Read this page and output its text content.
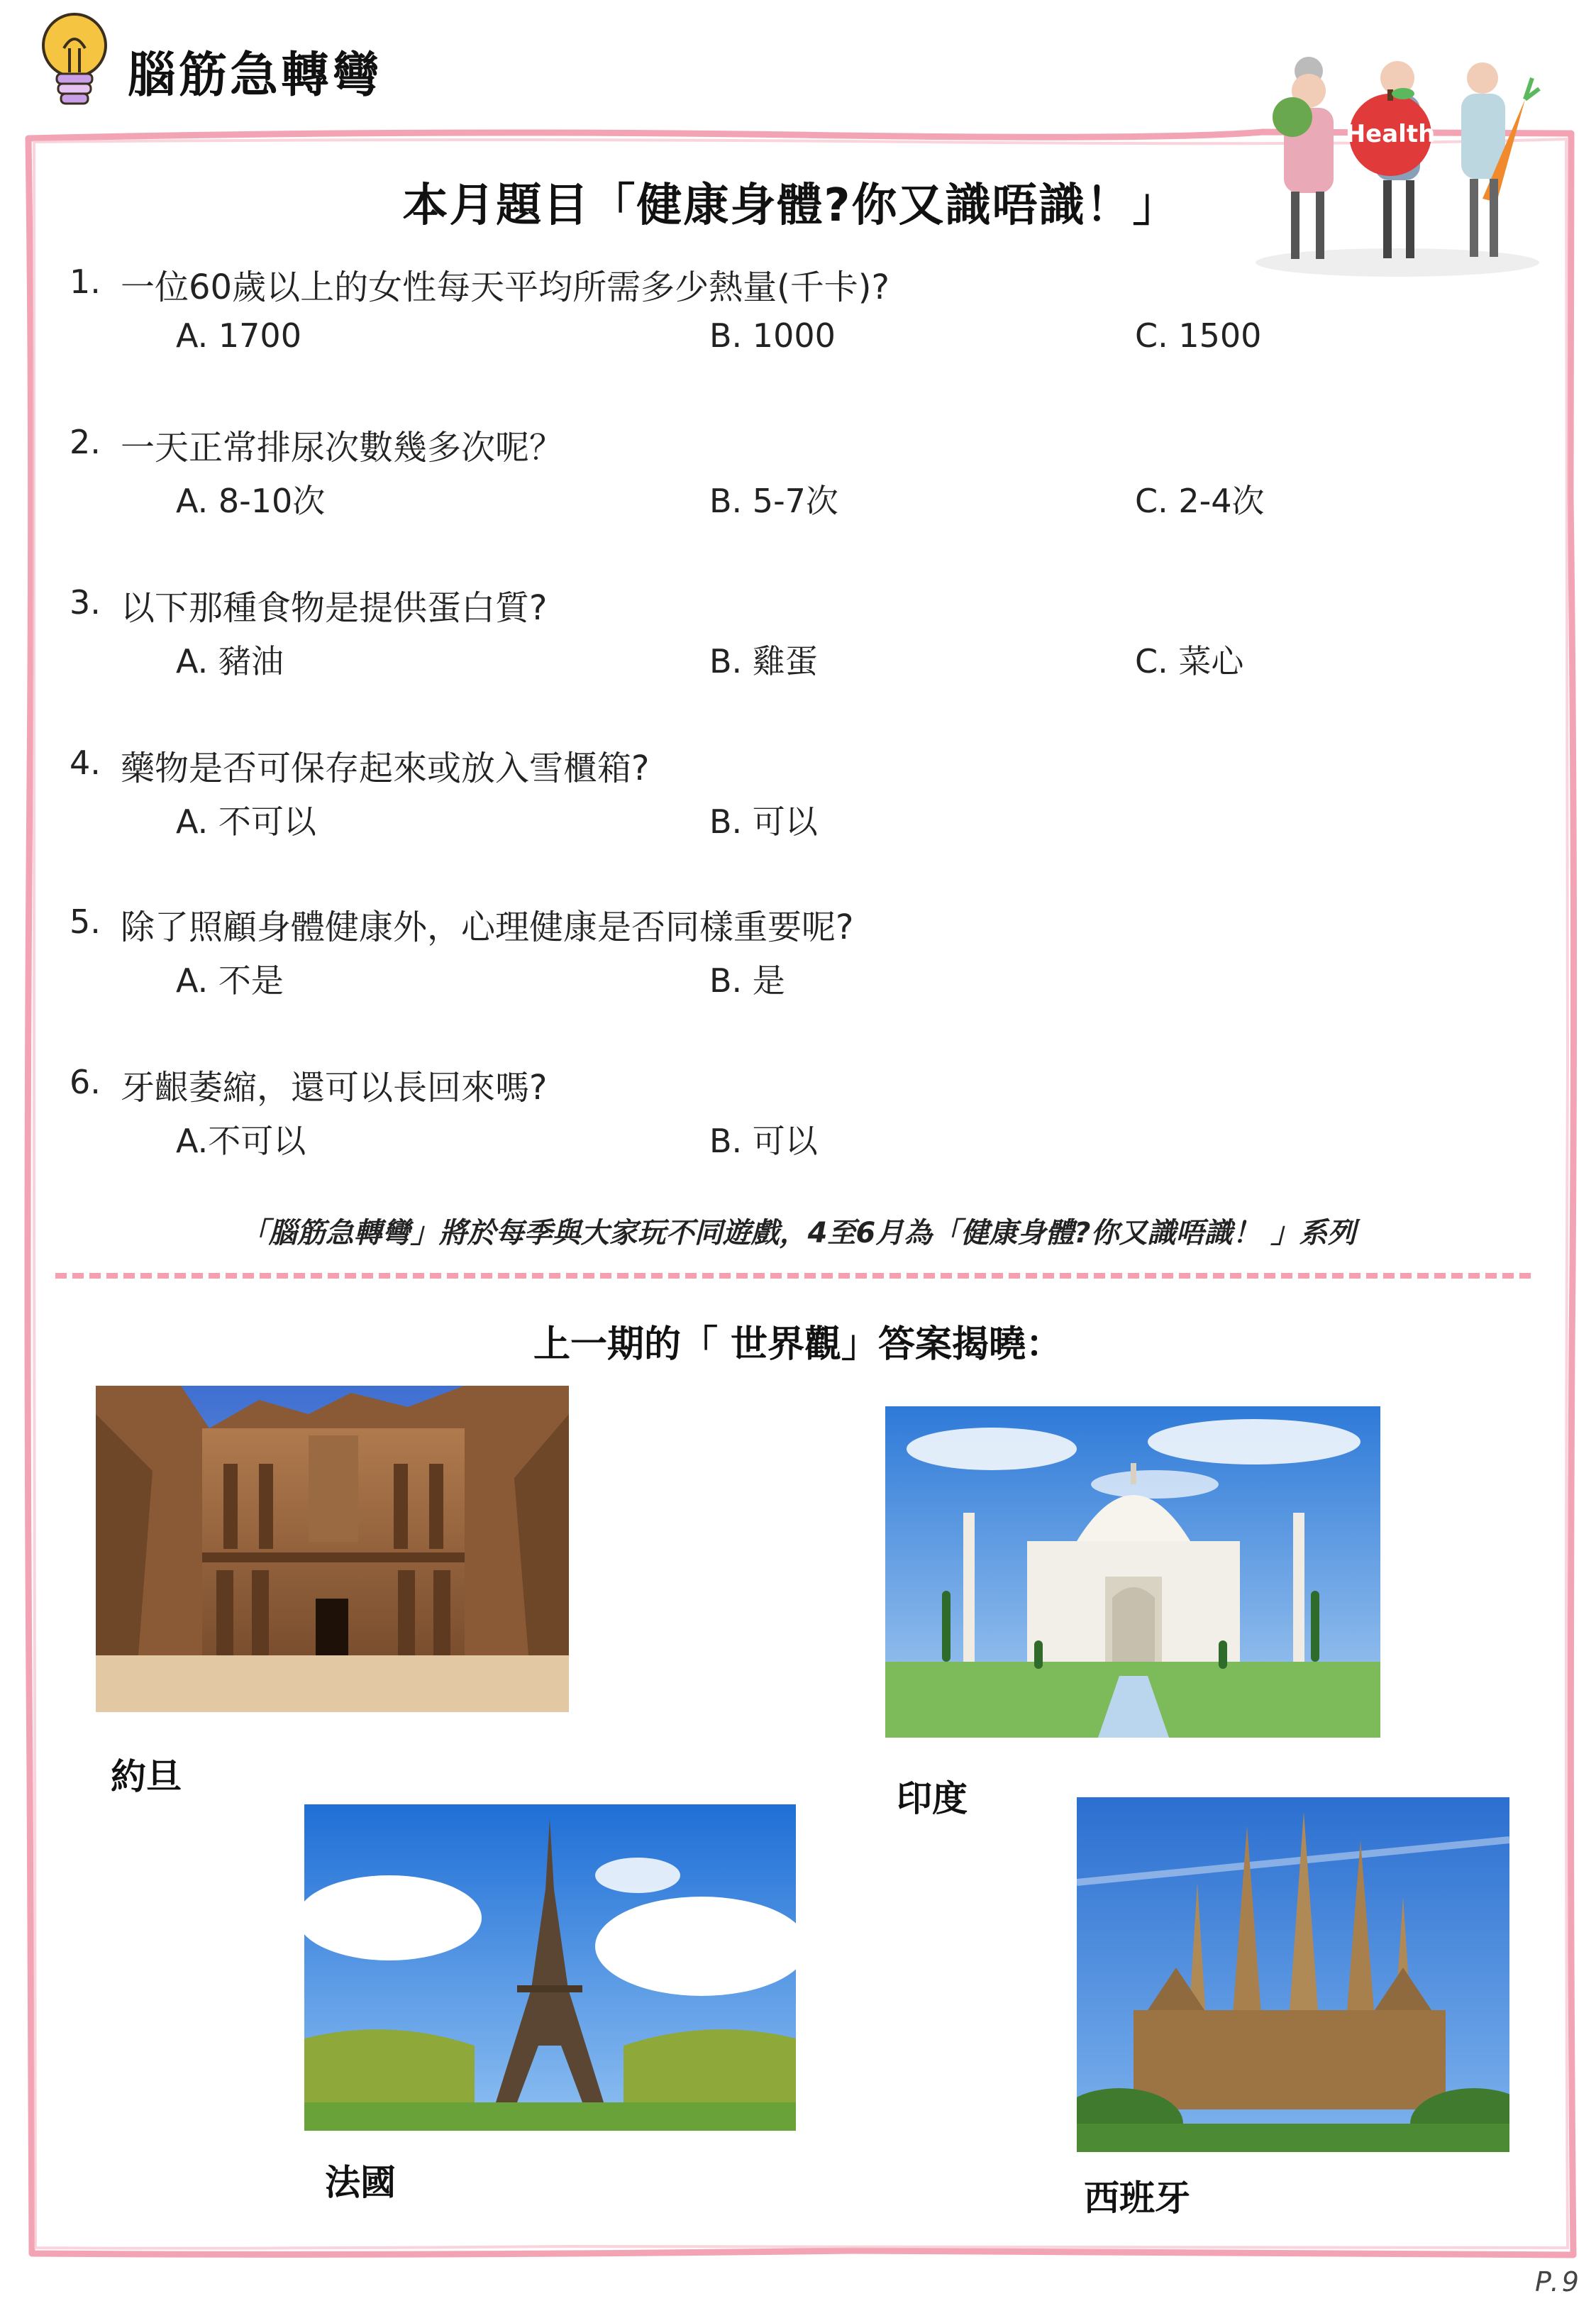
腦筋急轉彎
Health
本月題目「健康身體?你又識唔識！」
1. 一位60歲以上的女性每天平均所需多少熱量(千卡)?
A. 1700	B. 1000	C. 1500
2. 一天正常排尿次數幾多次呢？
A. 8-10次	B. 5-7次	C. 2-4次
3. 以下那種食物是提供蛋白質?
A. 豬油	B. 雞蛋	C. 菜心
4. 藥物是否可保存起來或放入雪櫃箱?
A. 不可以	B. 可以
5. 除了照顧身體健康外，心理健康是否同樣重要呢?
A. 不是	B. 是
6. 牙齦萎縮，還可以長回來嗎?
A.不可以	B. 可以
「腦筋急轉彎」將於每季與大家玩不同遊戲，4至6月為「健康身體?你又識唔識！ 」系列
上一期的「 世界觀」答案揭曉：
約旦
印度
法國	西班牙
P.9
